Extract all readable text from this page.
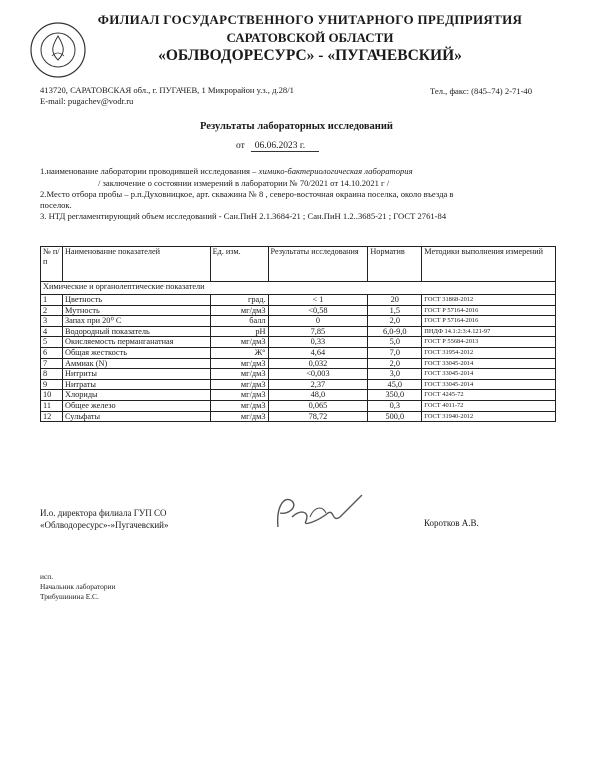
ФИЛИАЛ ГОСУДАРСТВЕННОГО УНИТАРНОГО ПРЕДПРИЯТИЯ
САРАТОВСКОЙ ОБЛАСТИ
«ОБЛВОДОРЕСУРС» - «ПУГАЧЕВСКИЙ»
413720, САРАТОВСКАЯ обл., г. ПУГАЧЕВ, 1 Микрорайон у.з., д.28/1
E-mail: pugachev@vodr.ru
Тел., факс: (845–74) 2-71-40
Результаты лабораторных исследований
от 06.06.2023 г.
1.наименование лаборатории проводившей исследования – химико-бактериологическая лаборатория
/ заключение о состоянии измерений в лаборатории № 70/2021 от 14.10.2021 г /
2.Место отбора пробы – р.п.Духовницкое, арт. скважина № 8 , северо-восточная окраина поселка, около въезда в
поселок.
3. НТД регламентирующий объем исследований - Сан.ПиН 2.1.3684-21 ; Сан.ПиН 1.2..3685-21 ; ГОСТ 2761-84
№ п/ п	Наименование показателей	Ед. изм.	Результаты исследования	Норматив	Методики выполнения измерений
Химические и органолептические показатели					
1	Цветность	град.	< 1	20	ГОСТ 31868-2012
2	Мутность	мг/дм3	<0,58	1,5	ГОСТ Р 57164-2016
3	Запах при 20⁰ С	балл	0	2,0	ГОСТ Р 57164-2016
4	Водородный показатель	pH	7,85	6,0-9,0	ПНДФ 14.1:2:3:4.121-97
5	Окисляемость перманганатная	мг/дм3	0,33	5,0	ГОСТ Р 55684-2013
6	Общая жесткость	Ж°	4,64	7,0	ГОСТ 31954-2012
7	Аммиак (N)	мг/дм3	0,032	2,0	ГОСТ 33045-2014
8	Нитриты	мг/дм3	<0,003	3,0	ГОСТ 33045-2014
9	Нитраты	мг/дм3	2,37	45,0	ГОСТ 33045-2014
10	Хлориды	мг/дм3	48,0	350,0	ГОСТ 4245-72
11	Общее железо	мг/дм3	0,065	0,3	ГОСТ 4011-72
12	Сульфаты	мг/дм3	78,72	500,0	ГОСТ 31940-2012
И.о. директора филиала ГУП СО
«Облводоресурс»-»Пугачевский»	Коротков А.В.
исп.
Начальник лаборатории
Трибушинина Е.С.
